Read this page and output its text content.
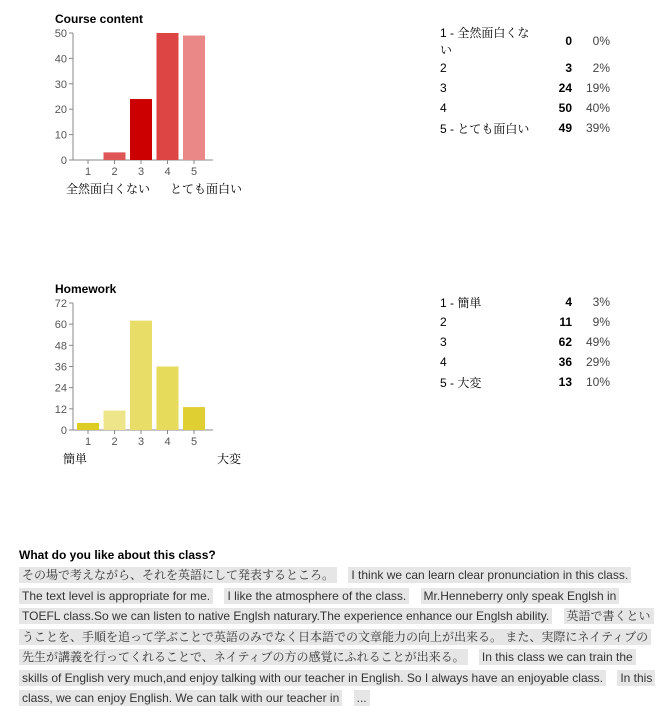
Course content
0
10
20
30
40
50
1 2 3 4 5
全然面白くない とても面白い
1 - 全然面白くない	0	0%
2	3	2%
3	24	19%
4	50	40%
5 - とても面白い	49	39%
Homework
0
12
24
36
48
60
72
1 2 3 4 5
簡単	大変
1 - 簡単	4	3%
2	11	9%
3	62	49%
4	36	29%
5 - 大変	13	10%
What do you like about this class?
その場で考えながら、それを英語にして発表するところ。 I think we can learn clear pronunciation in this class. The text level is appropriate for me. I like the atmosphere of the class. Mr.Henneberry only speak Englsh in TOEFL class.So we can listen to native Englsh naturary.The experience enhance our Englsh ability. 英語で書くということを、手順を追って学ぶことで英語のみでなく日本語での文章能力の向上が出来る。 また、実際にネイティブの先生が講義を行ってくれることで、ネイティブの方の感覚にふれることが出来る。 In this class we can train the skills of English very much,and enjoy talking with our teacher in English. So I always have an enjoyable class. In this class, we can enjoy English. We can talk with our teacher in ...
